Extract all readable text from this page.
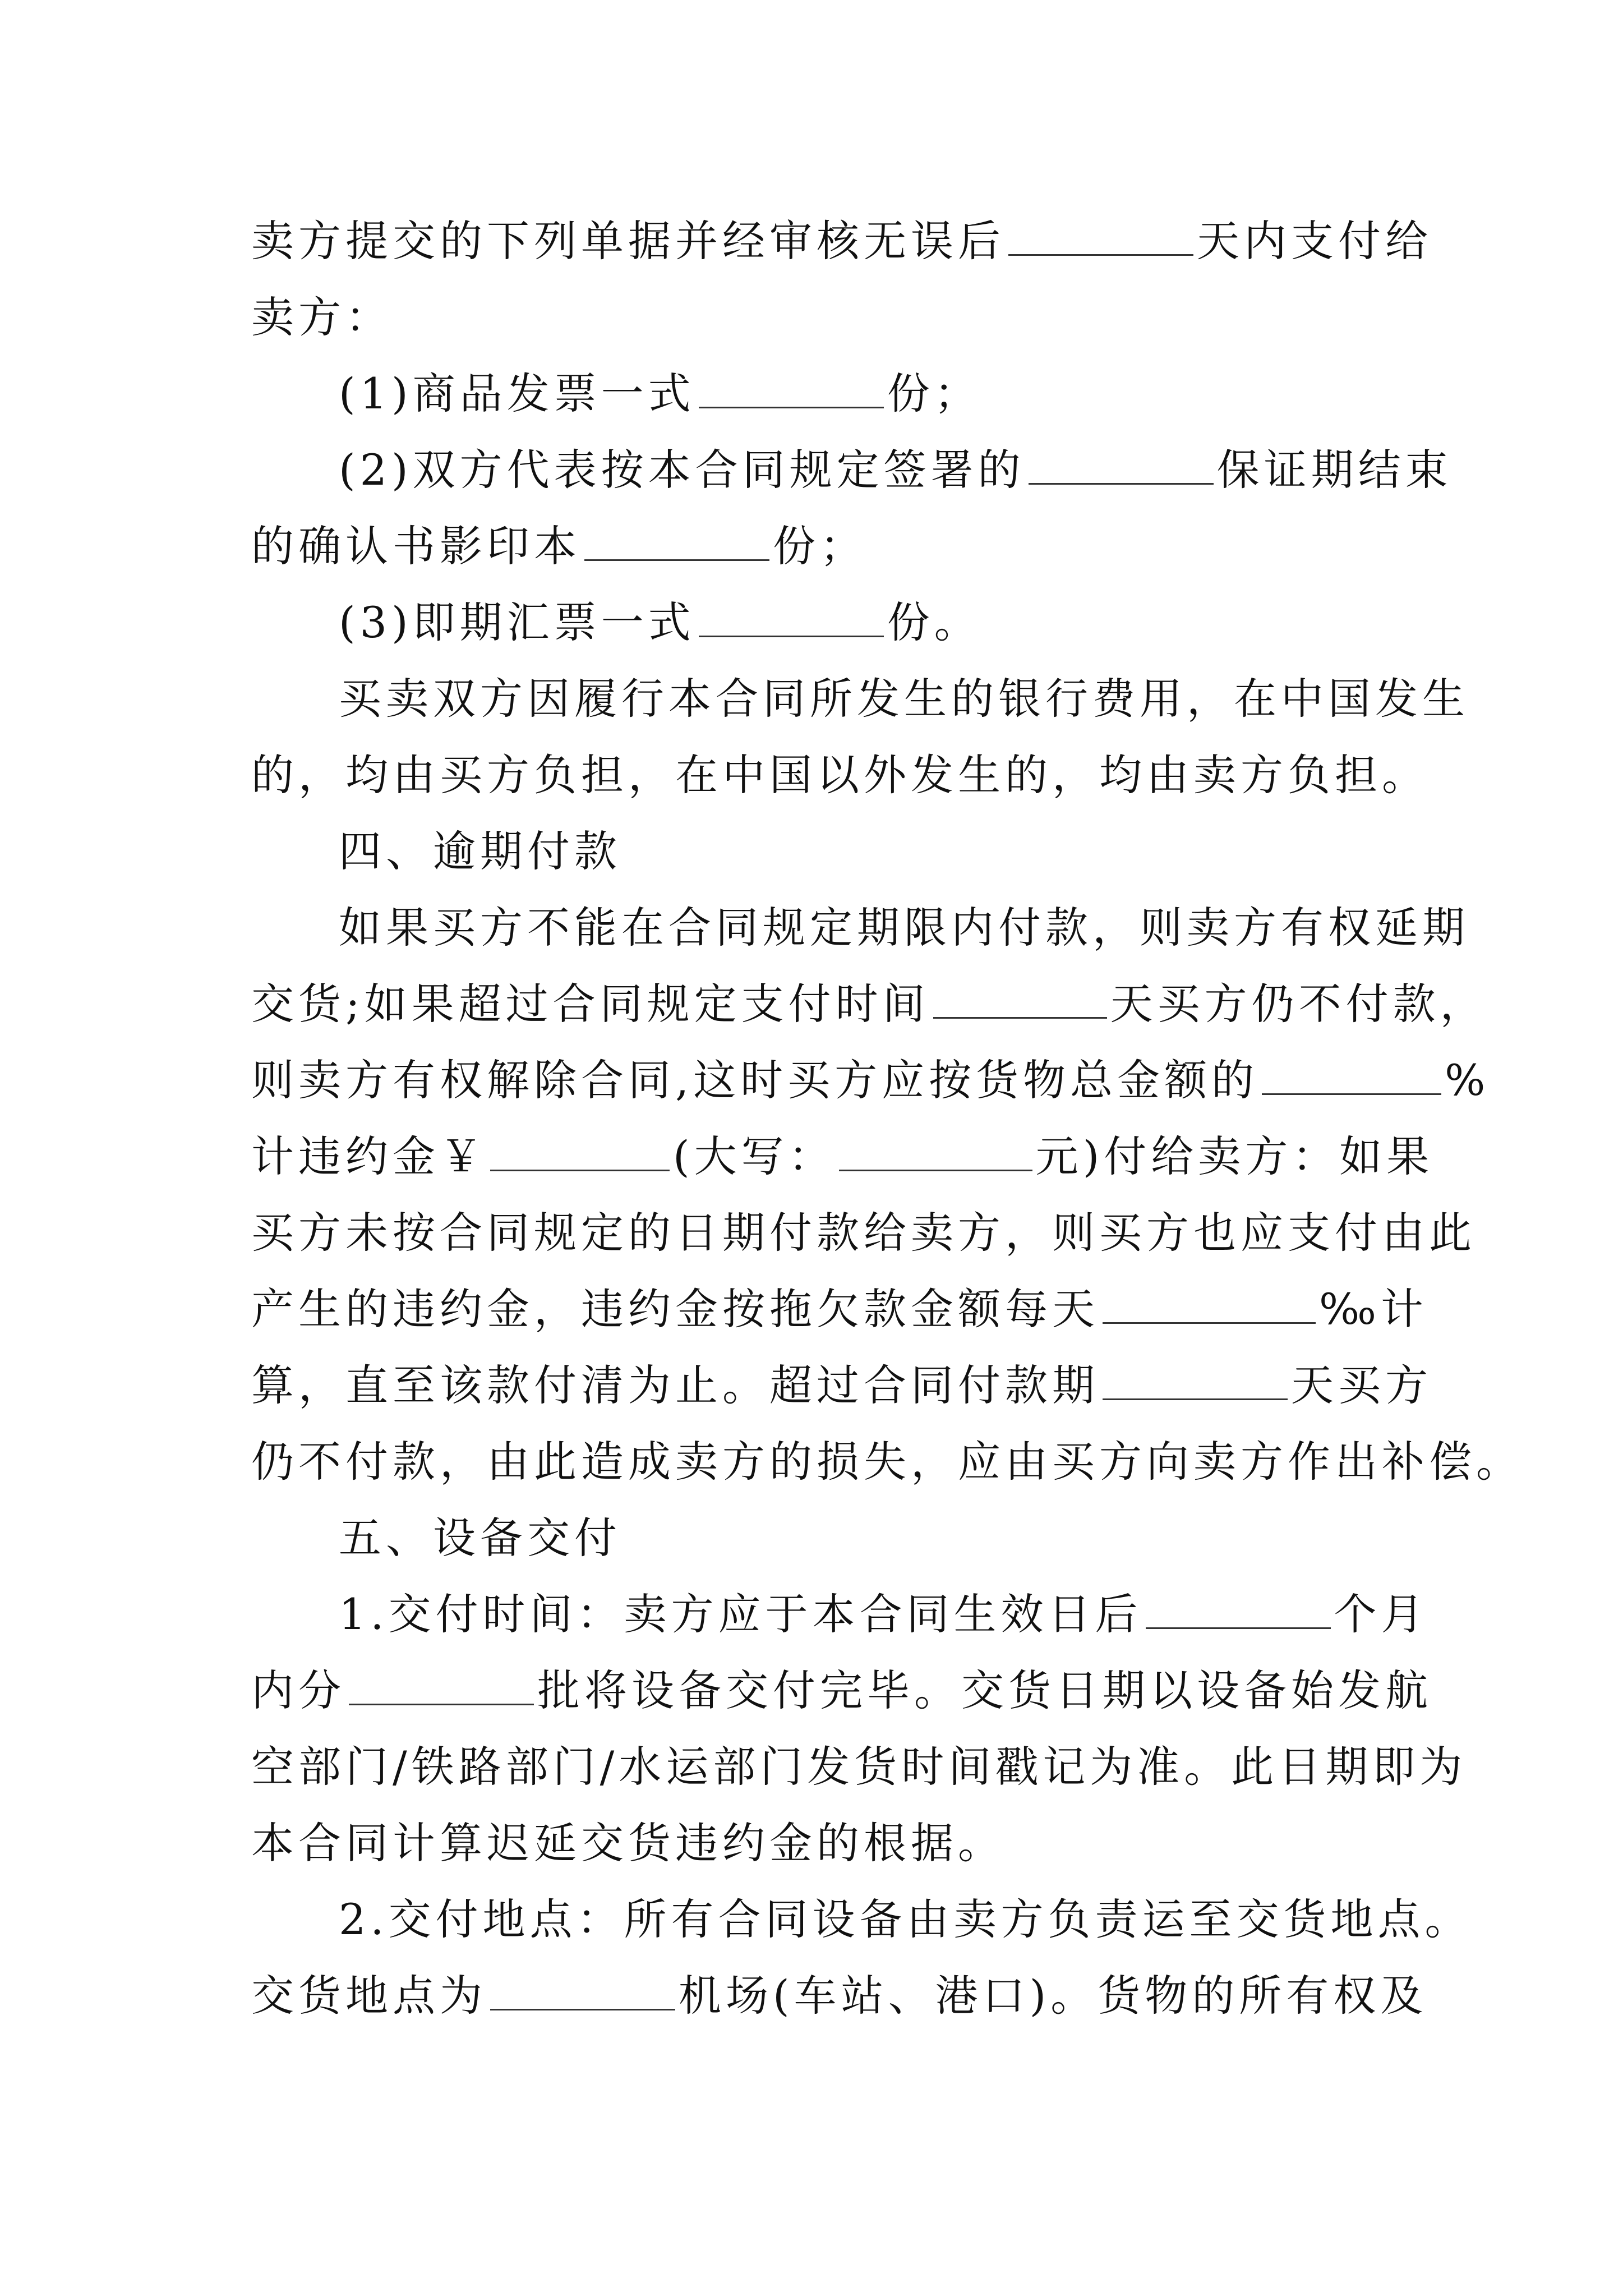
卖方提交的下列单据并经审核无误后	天内支付给
卖方：
(1)商品发票一式	份；
(2)双方代表按本合同规定签署的	保证期结束
的确认书影印本	份；
(3)即期汇票一式	份。
买卖双方因履行本合同所发生的银行费用，在中国发生
的，均由买方负担，在中国以外发生的，均由卖方负担。
四、逾期付款
如果买方不能在合同规定期限内付款，则卖方有权延期
交货;如果超过合同规定支付时间	天买方仍不付款，
则卖方有权解除合同,这时买方应按货物总金额的	%
计违约金￥	(大写：	元)付给卖方：如果
买方未按合同规定的日期付款给卖方，则买方也应支付由此
产生的违约金，违约金按拖欠款金额每天	‰计
算，直至该款付清为止。超过合同付款期	天买方
仍不付款，由此造成卖方的损失，应由买方向卖方作出补偿。
五、设备交付
1.交付时间：卖方应于本合同生效日后	个月
内分	批将设备交付完毕。交货日期以设备始发航
空部门/铁路部门/水运部门发货时间戳记为准。此日期即为
本合同计算迟延交货违约金的根据。
2.交付地点：所有合同设备由卖方负责运至交货地点。
交货地点为	机场(车站、港口)。货物的所有权及
